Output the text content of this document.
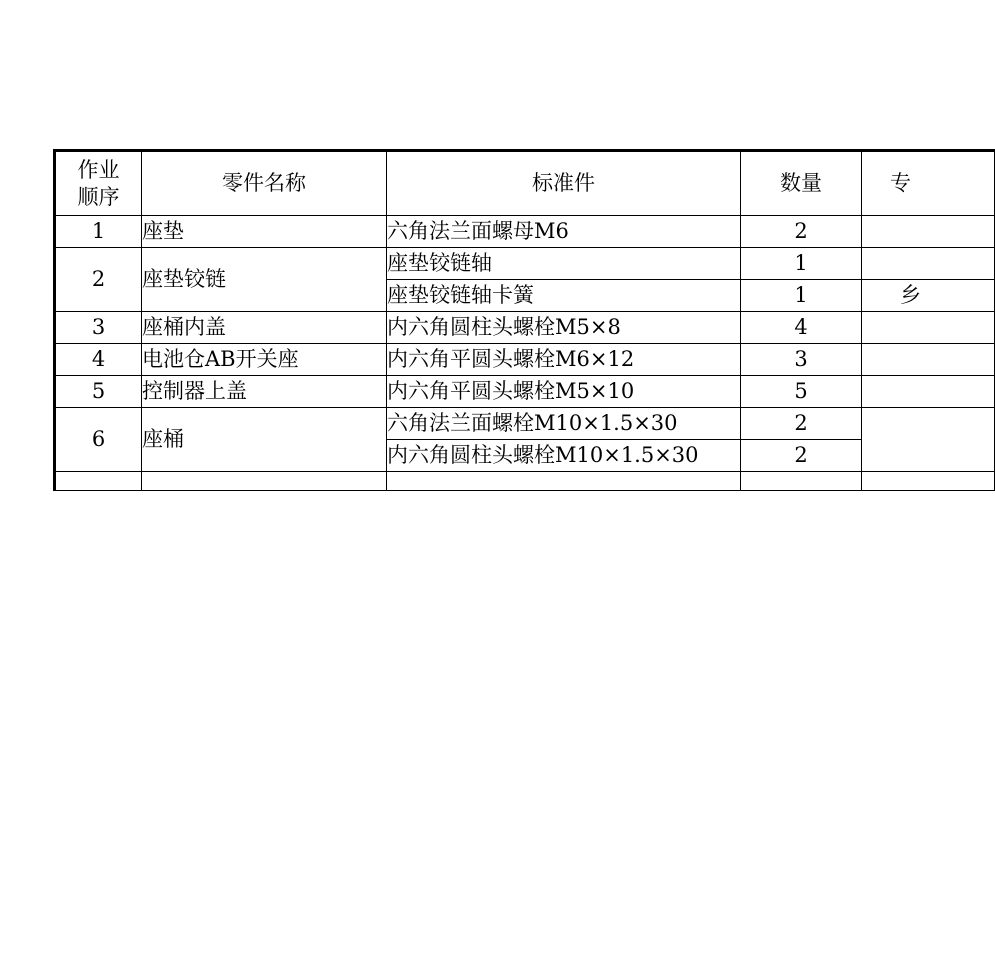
作业
顺序	零件名称	标准件	数量	专
1	座垫	六角法兰面螺母M6	2	
2	座垫铰链	座垫铰链轴	1	
		座垫铰链轴卡簧	1	乡
3	座桶内盖	内六角圆柱头螺栓M5×8	4	
4	电池仓AB开关座	内六角平圆头螺栓M6×12	3	
5	控制器上盖	内六角平圆头螺栓M5×10	5	
6	座桶	六角法兰面螺栓M10×1.5×30	2	
		内六角圆柱头螺栓M10×1.5×30	2	
